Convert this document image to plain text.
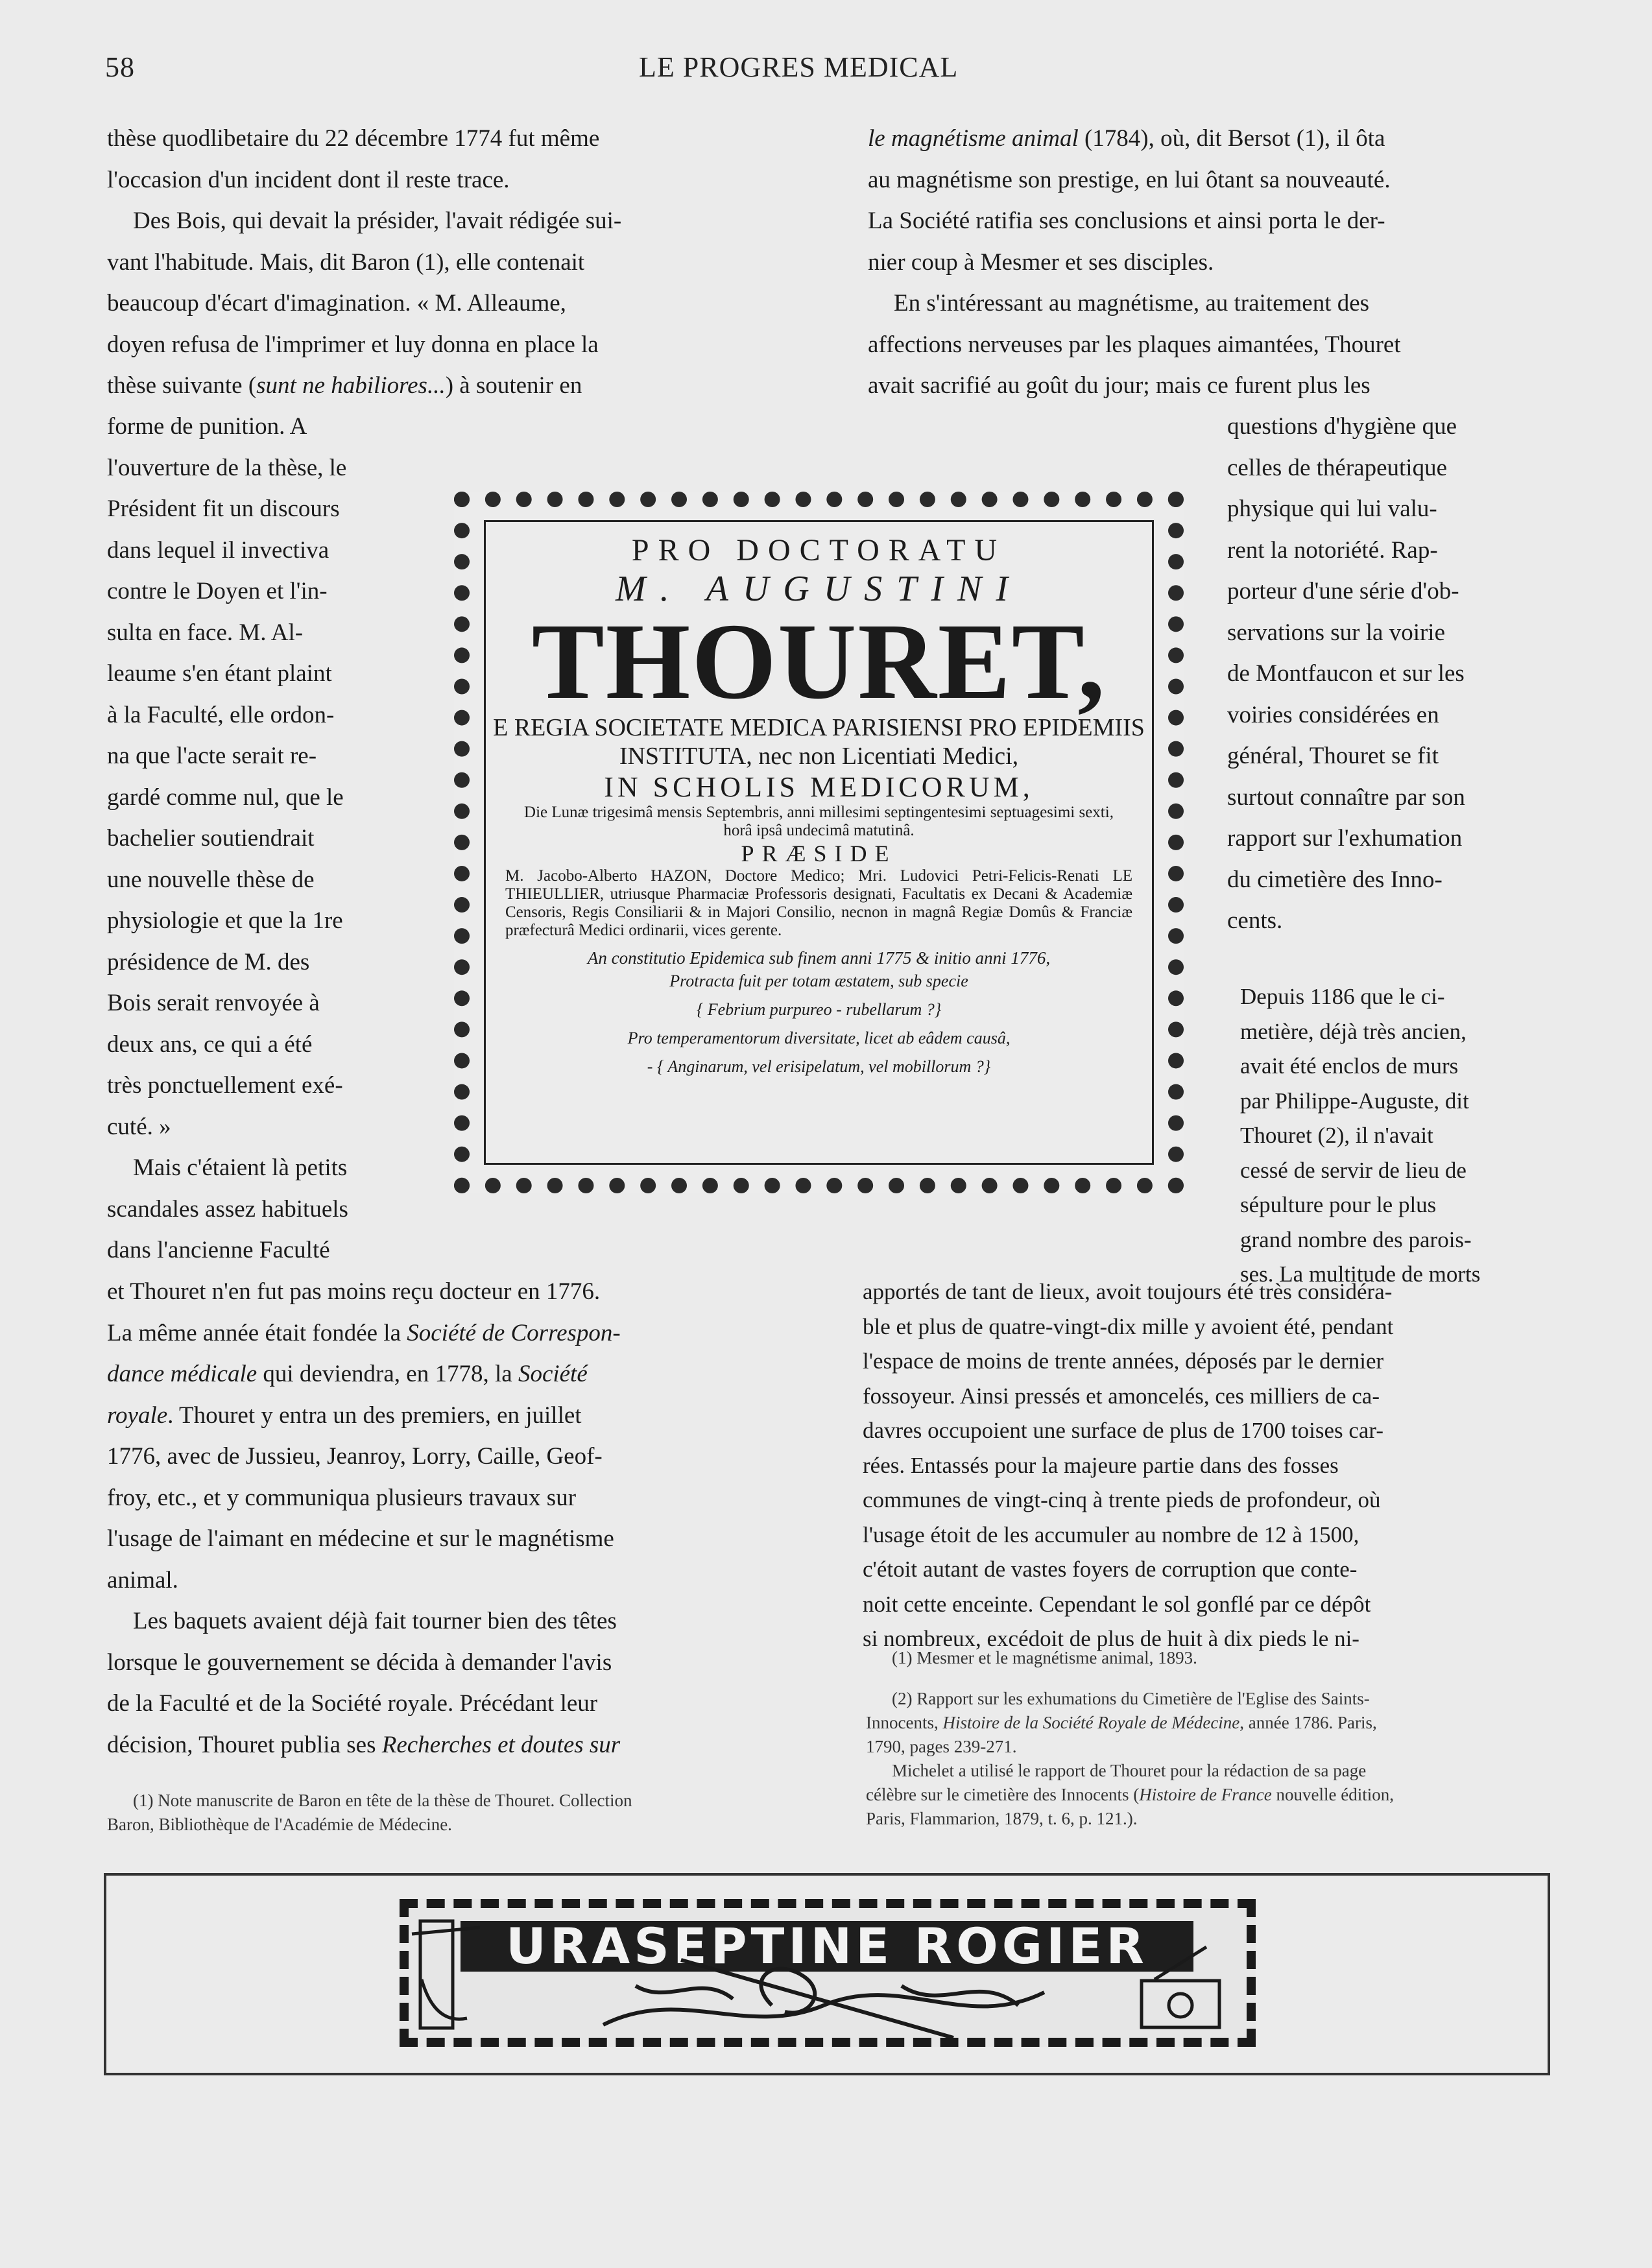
58	LE PROGRES MEDICAL

thèse quodlibetaire du 22 décembre 1774 fut même

l'occasion d'un incident dont il reste trace.

Des Bois, qui devait la présider, l'avait rédigée sui-

vant l'habitude. Mais, dit Baron (1), elle contenait

beaucoup d'écart d'imagination. « M. Alleaume,

doyen refusa de l'imprimer et luy donna en place la

thèse suivante (sunt ne habiliores...) à soutenir en

forme de punition. A

l'ouverture de la thèse, le

Président fit un discours

dans lequel il invectiva

contre le Doyen et l'in-

sulta en face. M. Al-

leaume s'en étant plaint

à la Faculté, elle ordon-

na que l'acte serait re-

gardé comme nul, que le

bachelier soutiendrait

une nouvelle thèse de

physiologie et que la 1re

présidence de M. des

Bois serait renvoyée à

deux ans, ce qui a été

très ponctuellement exé-

cuté. »

Mais c'étaient là petits

scandales assez habituels

dans l'ancienne Faculté

et Thouret n'en fut pas moins reçu docteur en 1776.

La même année était fondée la Société de Correspon-

dance médicale qui deviendra, en 1778, la Société

royale. Thouret y entra un des premiers, en juillet

1776, avec de Jussieu, Jeanroy, Lorry, Caille, Geof-

froy, etc., et y communiqua plusieurs travaux sur

l'usage de l'aimant en médecine et sur le magnétisme

animal.

Les baquets avaient déjà fait tourner bien des têtes

lorsque le gouvernement se décida à demander l'avis

de la Faculté et de la Société royale. Précédant leur

décision, Thouret publia ses Recherches et doutes sur

(1) Note manuscrite de Baron en tête de la thèse de Thouret. Collection

Baron, Bibliothèque de l'Académie de Médecine.

le magnétisme animal (1784), où, dit Bersot (1), il ôta

au magnétisme son prestige, en lui ôtant sa nouveauté.

La Société ratifia ses conclusions et ainsi porta le der-

nier coup à Mesmer et ses disciples.

En s'intéressant au magnétisme, au traitement des

affections nerveuses par les plaques aimantées, Thouret

avait sacrifié au goût du jour; mais ce furent plus les

questions d'hygiène que

celles de thérapeutique

physique qui lui valu-

rent la notoriété. Rap-

porteur d'une série d'ob-

servations sur la voirie

de Montfaucon et sur les

voiries considérées en

général, Thouret se fit

surtout connaître par son

rapport sur l'exhumation

du cimetière des Inno-

cents.

Depuis 1186 que le ci-

metière, déjà très ancien,

avait été enclos de murs

par Philippe-Auguste, dit

Thouret (2), il n'avait

cessé de servir de lieu de

sépulture pour le plus

grand nombre des parois-

ses. La multitude de morts

apportés de tant de lieux, avoit toujours été très considéra-

ble et plus de quatre-vingt-dix mille y avoient été, pendant

l'espace de moins de trente années, déposés par le dernier

fossoyeur. Ainsi pressés et amoncelés, ces milliers de ca-

davres occupoient une surface de plus de 1700 toises car-

rées. Entassés pour la majeure partie dans des fosses

communes de vingt-cinq à trente pieds de profondeur, où

l'usage étoit de les accumuler au nombre de 12 à 1500,

c'étoit autant de vastes foyers de corruption que conte-

noit cette enceinte. Cependant le sol gonflé par ce dépôt

si nombreux, excédoit de plus de huit à dix pieds le ni-

(1) Mesmer et le magnétisme animal, 1893.

(2) Rapport sur les exhumations du Cimetière de l'Eglise des Saints-

Innocents, Histoire de la Société Royale de Médecine, année 1786. Paris,

1790, pages 239-271.

Michelet a utilisé le rapport de Thouret pour la rédaction de sa page

célèbre sur le cimetière des Innocents (Histoire de France nouvelle édition,

Paris, Flammarion, 1879, t. 6, p. 121.).

PRO DOCTORATU
M. AUGUSTINI
THOURET,
E REGIA SOCIETATE MEDICA PARISIENSI PRO EPIDEMIIS INSTITUTA, nec non Licentiati Medici,
IN SCHOLIS MEDICORUM,
Die Lunæ trigesimâ mensis Septembris, anni millesimi septingentesimi septuagesimi sexti, horâ ipsâ undecimâ matutinâ.
PRÆSIDE
M. Jacobo-Alberto HAZON, Doctore Medico; Mri. Ludovici Petri-Felicis-Renati LE THIEULLIER, utriusque Pharmaciæ Professoris designati, Facultatis ex Decani & Academiæ Censoris, Regis Consiliarii & in Majori Consilio, necnon in magnâ Regiæ Domûs & Franciæ præfecturâ Medici ordinarii, vices gerente.
An constitutio Epidemica sub finem anni 1775 & initio anni 1776,
Protracta fuit per totam æstatem, sub specie
{ Febrium purpureo - rubellarum ?}
Pro temperamentorum diversitate, licet ab eâdem causâ,
- { Anginarum, vel erisipelatum, vel mobillorum ?}
URASEPTINE ROGIER
